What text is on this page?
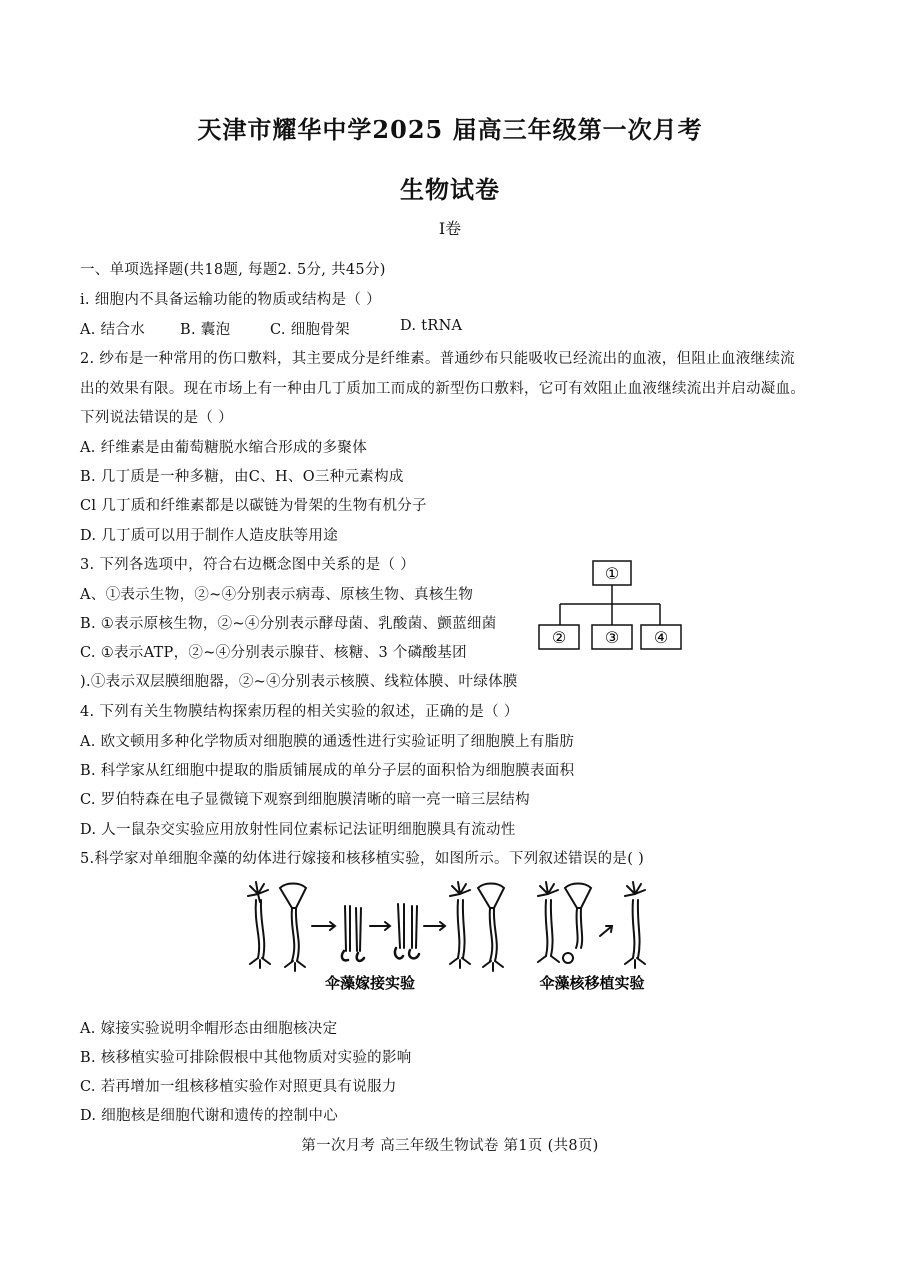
天津市耀华中学2025 届高三年级第一次月考
生物试卷
I卷
一、单项选择题(共18题, 每题2. 5分, 共45分)
i. 细胞内不具备运输功能的物质或结构是（ ）
A. 结合水 B. 囊泡	C. 细胞骨架	D. tRNA
2. 纱布是一种常用的伤口敷料，其主要成分是纤维素。普通纱布只能吸收已经流出的血液，但阻止血液继续流
出的效果有限。现在市场上有一种由几丁质加工而成的新型伤口敷料，它可有效阻止血液继续流出并启动凝血。
下列说法错误的是（ ）
A. 纤维素是由葡萄糖脱水缩合形成的多聚体
B. 几丁质是一种多糖，由C、H、O三种元素构成
Cl 几丁质和纤维素都是以碳链为骨架的生物有机分子
D. 几丁质可以用于制作人造皮肤等用途
3. 下列各选项中，符合右边概念图中关系的是（ ）
A、①表示生物，②~④分别表示病毒、原核生物、真核生物
B. ①表示原核生物，②~④分别表示酵母菌、乳酸菌、颤蓝细菌
C. ①表示ATP，②~④分别表示腺苷、核糖、3 个磷酸基团
).①表示双层膜细胞器，②~④分别表示核膜、线粒体膜、叶绿体膜
①
② ③ ④
4. 下列有关生物膜结构探索历程的相关实验的叙述，正确的是（ ）
A. 欧文顿用多种化学物质对细胞膜的通透性进行实验证明了细胞膜上有脂肪
B. 科学家从红细胞中提取的脂质铺展成的单分子层的面积恰为细胞膜表面积
C. 罗伯特森在电子显微镜下观察到细胞膜清晰的暗一亮一暗三层结构
D. 人一鼠杂交实验应用放射性同位素标记法证明细胞膜具有流动性
5.科学家对单细胞伞藻的幼体进行嫁接和核移植实验，如图所示。下列叙述错误的是( )
伞藻嫁接实验	伞藻核移植实验
A. 嫁接实验说明伞帽形态由细胞核决定
B. 核移植实验可排除假根中其他物质对实验的影响
C. 若再增加一组核移植实验作对照更具有说服力
D. 细胞核是细胞代谢和遗传的控制中心
第一次月考 高三年级生物试卷 第1页 (共8页)
